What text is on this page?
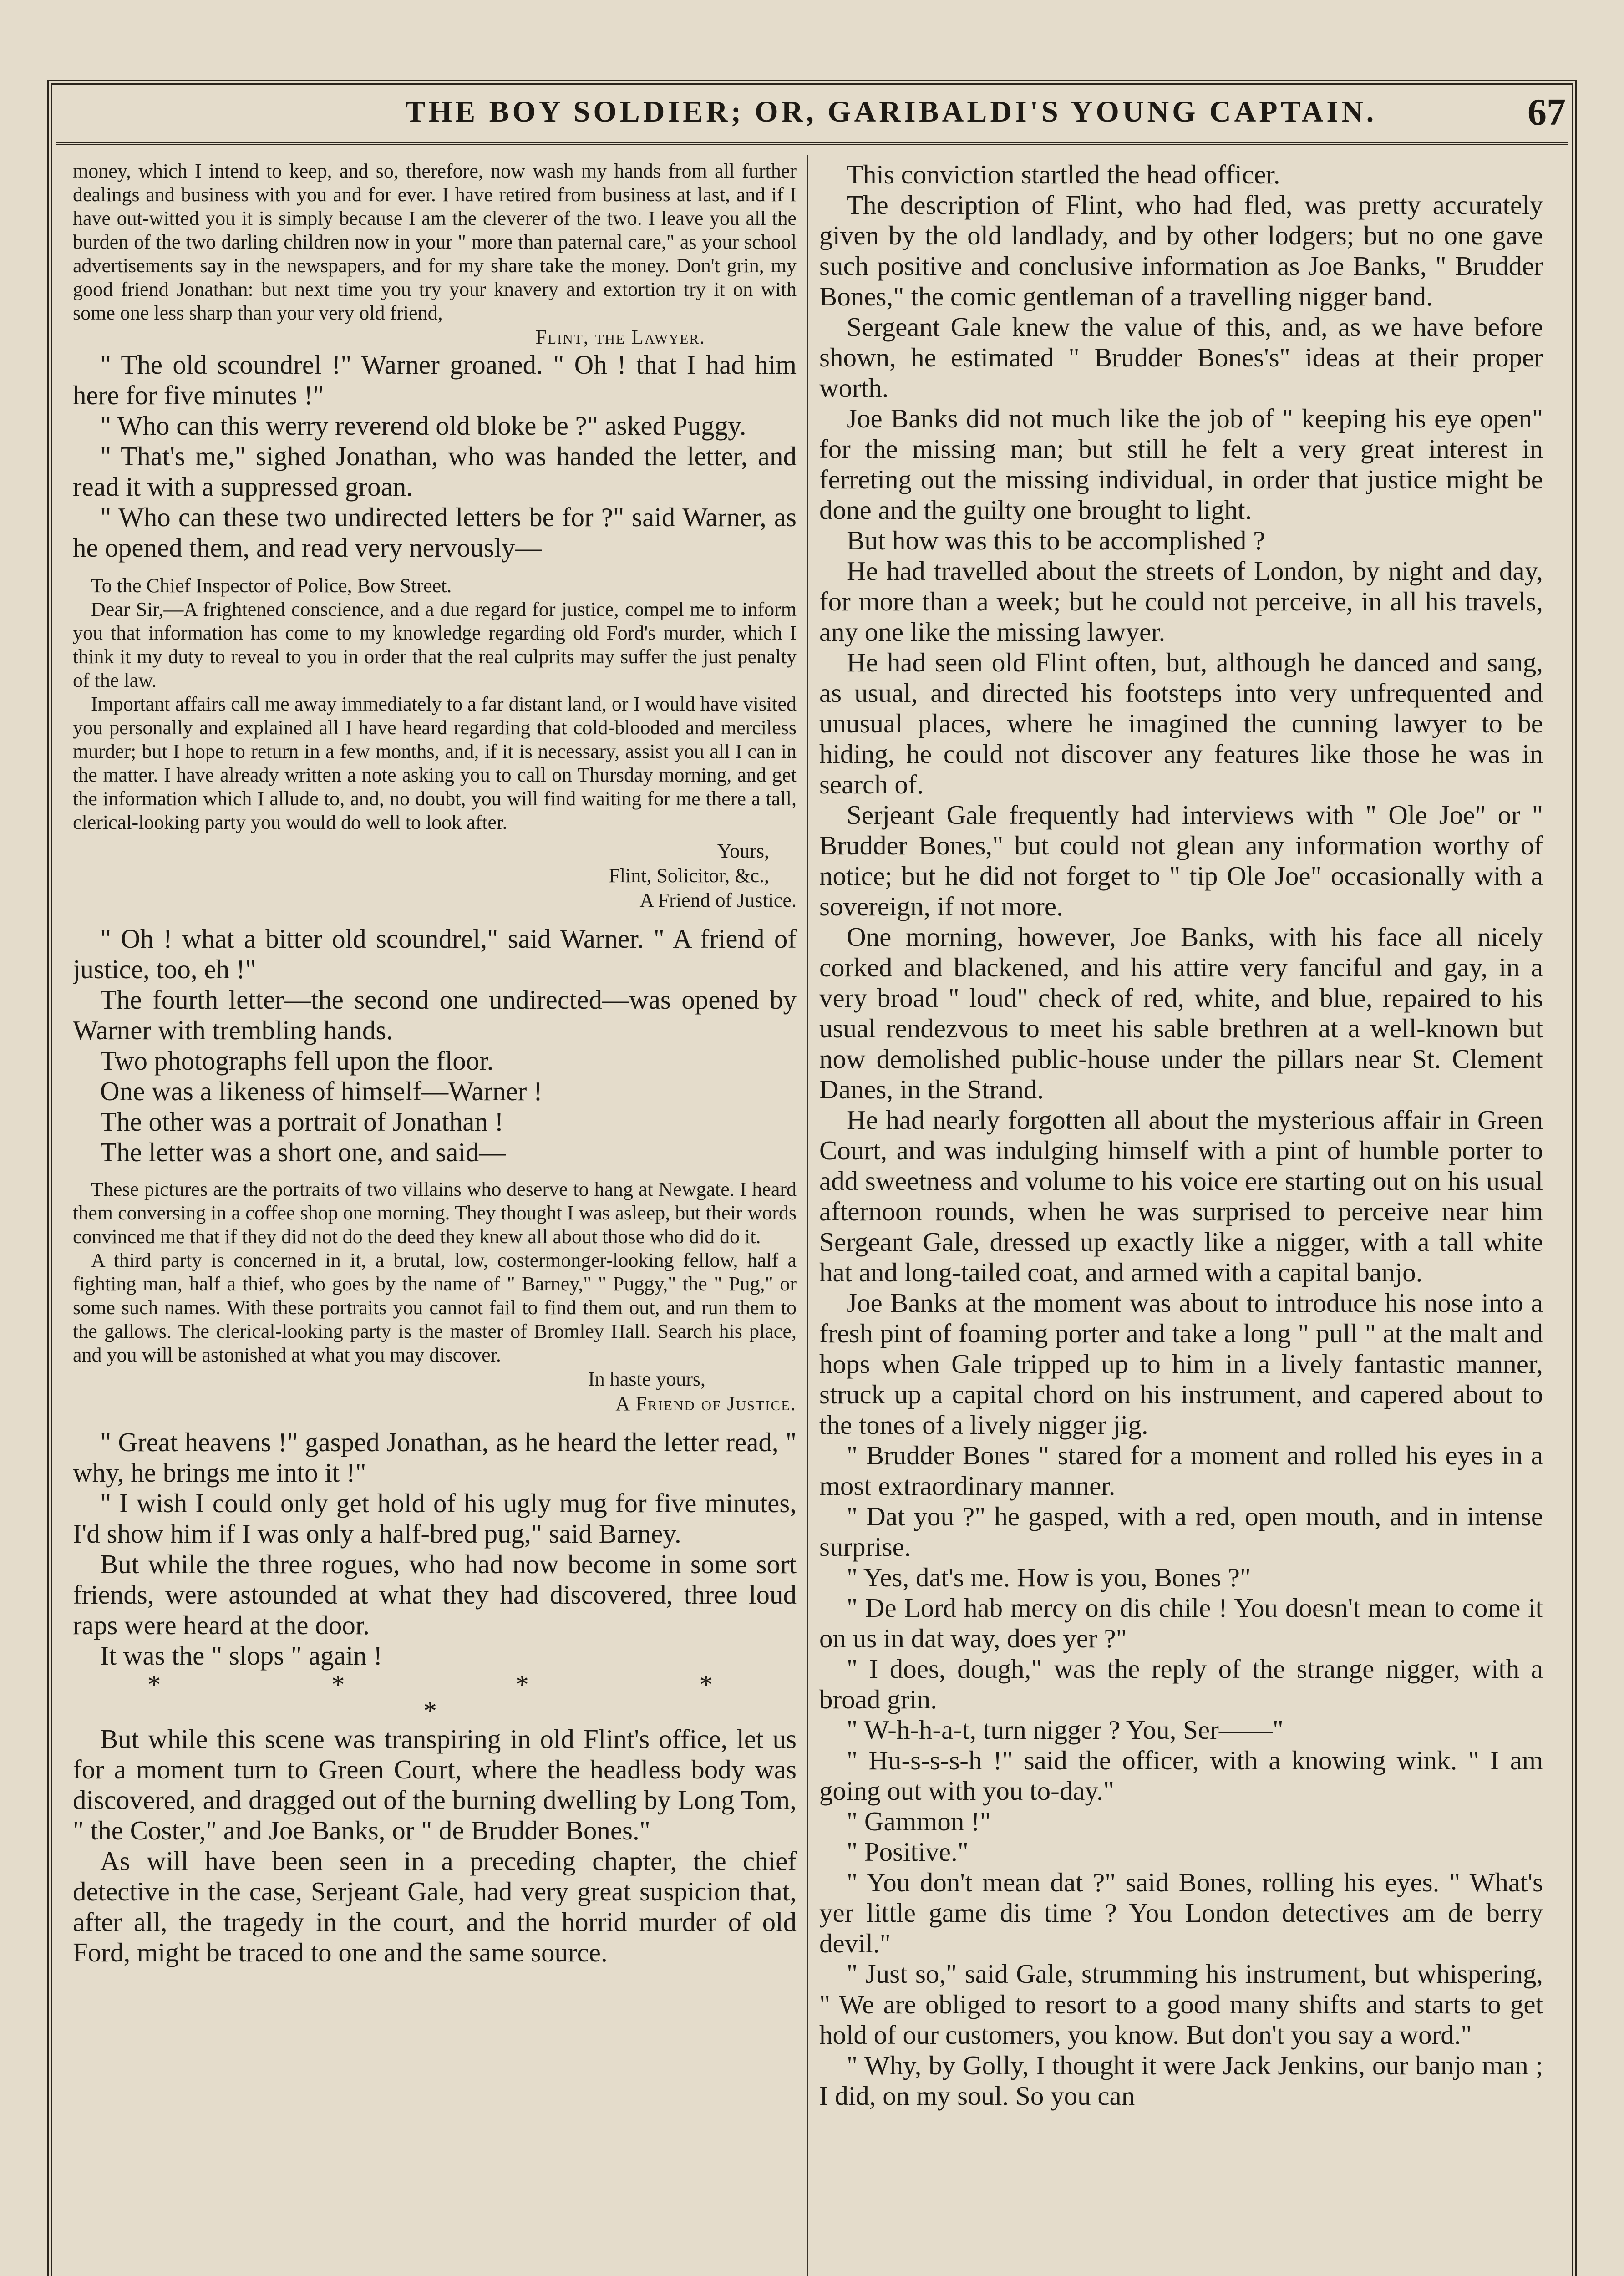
THE BOY SOLDIER; OR, GARIBALDI'S YOUNG CAPTAIN.	67

money, which I intend to keep, and so, therefore, now wash my hands from all further dealings and business with you and for ever. I have retired from business at last, and if I have out-witted you it is simply because I am the cleverer of the two. I leave you all the burden of the two darling children now in your " more than paternal care," as your school advertisements say in the newspapers, and for my share take the money. Don't grin, my good friend Jonathan: but next time you try your knavery and extortion try it on with some one less sharp than your very old friend,

Flint, the Lawyer.

" The old scoundrel !" Warner groaned. " Oh ! that I had him here for five minutes !"

" Who can this werry reverend old bloke be ?" asked Puggy.

" That's me," sighed Jonathan, who was handed the letter, and read it with a suppressed groan.

" Who can these two undirected letters be for ?" said Warner, as he opened them, and read very nervously—

To the Chief Inspector of Police, Bow Street.

Dear Sir,—A frightened conscience, and a due regard for justice, compel me to inform you that information has come to my knowledge regarding old Ford's murder, which I think it my duty to reveal to you in order that the real culprits may suffer the just penalty of the law.

Important affairs call me away immediately to a far distant land, or I would have visited you personally and explained all I have heard regarding that cold-blooded and merciless murder; but I hope to return in a few months, and, if it is necessary, assist you all I can in the matter. I have already written a note asking you to call on Thursday morning, and get the information which I allude to, and, no doubt, you will find waiting for me there a tall, clerical-looking party you would do well to look after.

Yours,

Flint, Solicitor, &c.,

A Friend of Justice.

" Oh ! what a bitter old scoundrel," said Warner. " A friend of justice, too, eh !"

The fourth letter—the second one undirected—was opened by Warner with trembling hands.

Two photographs fell upon the floor.

One was a likeness of himself—Warner !

The other was a portrait of Jonathan !

The letter was a short one, and said—

These pictures are the portraits of two villains who deserve to hang at Newgate. I heard them conversing in a coffee shop one morning. They thought I was asleep, but their words convinced me that if they did not do the deed they knew all about those who did do it.

A third party is concerned in it, a brutal, low, costermonger-looking fellow, half a fighting man, half a thief, who goes by the name of " Barney," " Puggy," the " Pug," or some such names. With these portraits you cannot fail to find them out, and run them to the gallows. The clerical-looking party is the master of Bromley Hall. Search his place, and you will be astonished at what you may discover.

In haste yours,

A Friend of Justice.

" Great heavens !" gasped Jonathan, as he heard the letter read, " why, he brings me into it !"

" I wish I could only get hold of his ugly mug for five minutes, I'd show him if I was only a half-bred pug," said Barney.

But while the three rogues, who had now become in some sort friends, were astounded at what they had discovered, three loud raps were heard at the door.

It was the " slops " again !

* * * * *

But while this scene was transpiring in old Flint's office, let us for a moment turn to Green Court, where the headless body was discovered, and dragged out of the burning dwelling by Long Tom, " the Coster," and Joe Banks, or " de Brudder Bones."

As will have been seen in a preceding chapter, the chief detective in the case, Serjeant Gale, had very great suspicion that, after all, the tragedy in the court, and the horrid murder of old Ford, might be traced to one and the same source.

This conviction startled the head officer.

The description of Flint, who had fled, was pretty accurately given by the old landlady, and by other lodgers; but no one gave such positive and conclusive information as Joe Banks, " Brudder Bones," the comic gentleman of a travelling nigger band.

Sergeant Gale knew the value of this, and, as we have before shown, he estimated " Brudder Bones's" ideas at their proper worth.

Joe Banks did not much like the job of " keeping his eye open" for the missing man; but still he felt a very great interest in ferreting out the missing individual, in order that justice might be done and the guilty one brought to light.

But how was this to be accomplished ?

He had travelled about the streets of London, by night and day, for more than a week; but he could not perceive, in all his travels, any one like the missing lawyer.

He had seen old Flint often, but, although he danced and sang, as usual, and directed his footsteps into very unfrequented and unusual places, where he imagined the cunning lawyer to be hiding, he could not discover any features like those he was in search of.

Serjeant Gale frequently had interviews with " Ole Joe" or " Brudder Bones," but could not glean any information worthy of notice; but he did not forget to " tip Ole Joe" occasionally with a sovereign, if not more.

One morning, however, Joe Banks, with his face all nicely corked and blackened, and his attire very fanciful and gay, in a very broad " loud" check of red, white, and blue, repaired to his usual rendezvous to meet his sable brethren at a well-known but now demolished public-house under the pillars near St. Clement Danes, in the Strand.

He had nearly forgotten all about the mysterious affair in Green Court, and was indulging himself with a pint of humble porter to add sweetness and volume to his voice ere starting out on his usual afternoon rounds, when he was surprised to perceive near him Sergeant Gale, dressed up exactly like a nigger, with a tall white hat and long-tailed coat, and armed with a capital banjo.

Joe Banks at the moment was about to introduce his nose into a fresh pint of foaming porter and take a long " pull " at the malt and hops when Gale tripped up to him in a lively fantastic manner, struck up a capital chord on his instrument, and capered about to the tones of a lively nigger jig.

" Brudder Bones " stared for a moment and rolled his eyes in a most extraordinary manner.

" Dat you ?" he gasped, with a red, open mouth, and in intense surprise.

" Yes, dat's me. How is you, Bones ?"

" De Lord hab mercy on dis chile ! You doesn't mean to come it on us in dat way, does yer ?"

" I does, dough," was the reply of the strange nigger, with a broad grin.

" W-h-h-a-t, turn nigger ? You, Ser——"

" Hu-s-s-s-h !" said the officer, with a knowing wink. " I am going out with you to-day."

" Gammon !"

" Positive."

" You don't mean dat ?" said Bones, rolling his eyes. " What's yer little game dis time ? You London detectives am de berry devil."

" Just so," said Gale, strumming his instrument, but whispering, " We are obliged to resort to a good many shifts and starts to get hold of our customers, you know. But don't you say a word."

" Why, by Golly, I thought it were Jack Jenkins, our banjo man ; I did, on my soul. So you can
